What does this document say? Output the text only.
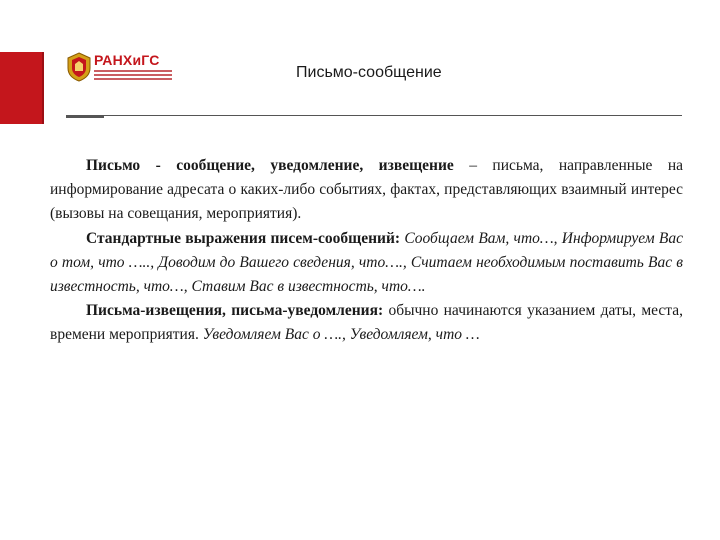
РАНХиГС
Письмо-сообщение

Письмо - сообщение, уведомление, извещение – письма, направленные на информирование адресата о каких-либо событиях, фактах, представляющих взаимный интерес (вызовы на совещания, мероприятия).

Стандартные выражения писем-сообщений: Сообщаем Вам, что…, Информируем Вас о том, что ….., Доводим до Вашего сведения, что…., Считаем необходимым поставить Вас в известность, что…, Ставим Вас в известность, что….

Письма-извещения, письма-уведомления: обычно начинаются указанием даты, места, времени мероприятия. Уведомляем Вас о …., Уведомляем, что …
